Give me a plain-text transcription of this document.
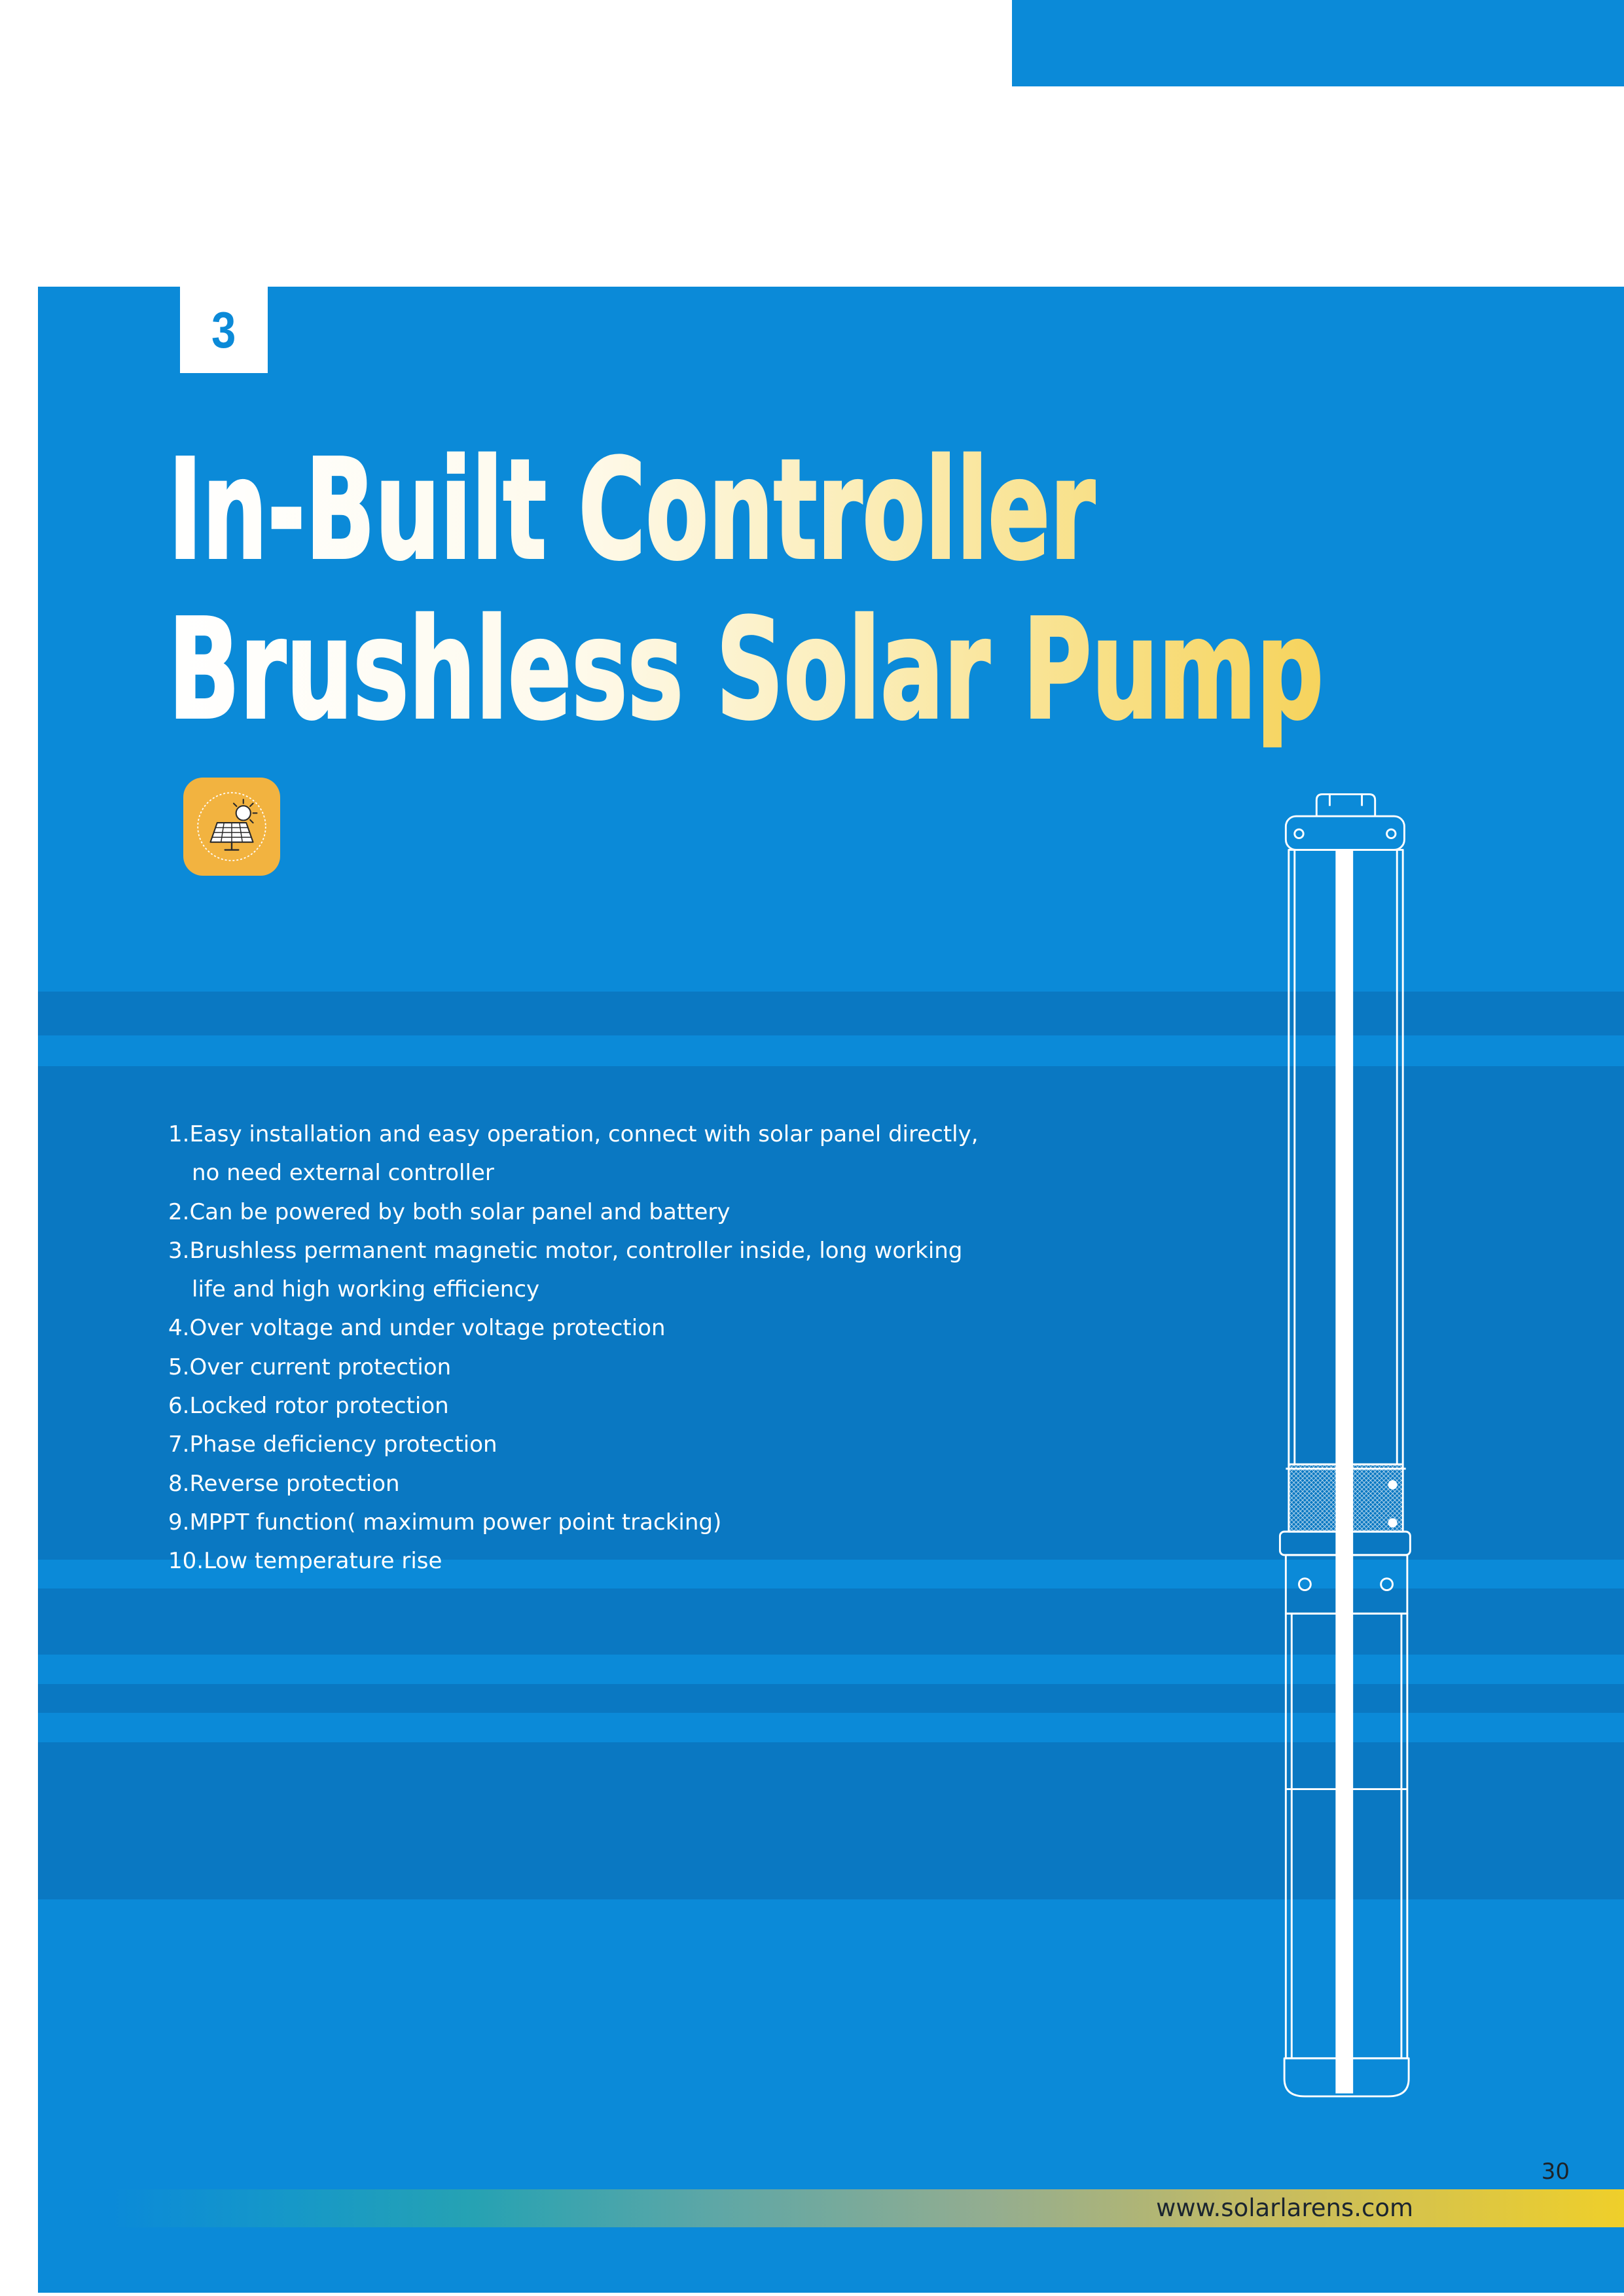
3
In-Built Controller
Brushless Solar Pump
1.Easy installation and easy operation, connect with solar panel directly,
no need external controller
2.Can be powered by both solar panel and battery
3.Brushless permanent magnetic motor, controller inside, long working
life and high working efficiency
4.Over voltage and under voltage protection
5.Over current protection
6.Locked rotor protection
7.Phase deficiency protection
8.Reverse protection
9.MPPT function( maximum power point tracking)
10.Low temperature rise
30
www.solarlarens.com
